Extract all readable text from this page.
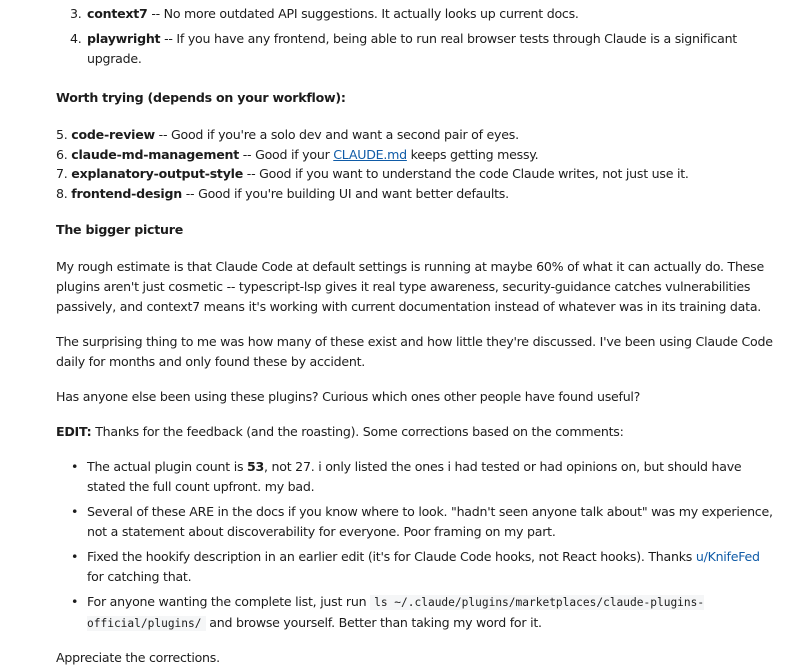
3. context7 -- No more outdated API suggestions. It actually looks up current docs.
4. playwright -- If you have any frontend, being able to run real browser tests through Claude is a significant upgrade.
Worth trying (depends on your workflow):
5. code-review -- Good if you're a solo dev and want a second pair of eyes.
6. claude-md-management -- Good if your CLAUDE.md keeps getting messy.
7. explanatory-output-style -- Good if you want to understand the code Claude writes, not just use it.
8. frontend-design -- Good if you're building UI and want better defaults.
The bigger picture

My rough estimate is that Claude Code at default settings is running at maybe 60% of what it can actually do. These plugins aren't just cosmetic -- typescript-lsp gives it real type awareness, security-guidance catches vulnerabilities passively, and context7 means it's working with current documentation instead of whatever was in its training data.

The surprising thing to me was how many of these exist and how little they're discussed. I've been using Claude Code daily for months and only found these by accident.

Has anyone else been using these plugins? Curious which ones other people have found useful?

EDIT: Thanks for the feedback (and the roasting). Some corrections based on the comments:

• The actual plugin count is 53, not 27. i only listed the ones i had tested or had opinions on, but should have stated the full count upfront. my bad.
• Several of these ARE in the docs if you know where to look. "hadn't seen anyone talk about" was my experience, not a statement about discoverability for everyone. Poor framing on my part.
• Fixed the hookify description in an earlier edit (it's for Claude Code hooks, not React hooks). Thanks u/KnifeFed for catching that.
• For anyone wanting the complete list, just run ls ~/.claude/plugins/marketplaces/claude-plugins-official/plugins/ and browse yourself. Better than taking my word for it.

Appreciate the corrections.
